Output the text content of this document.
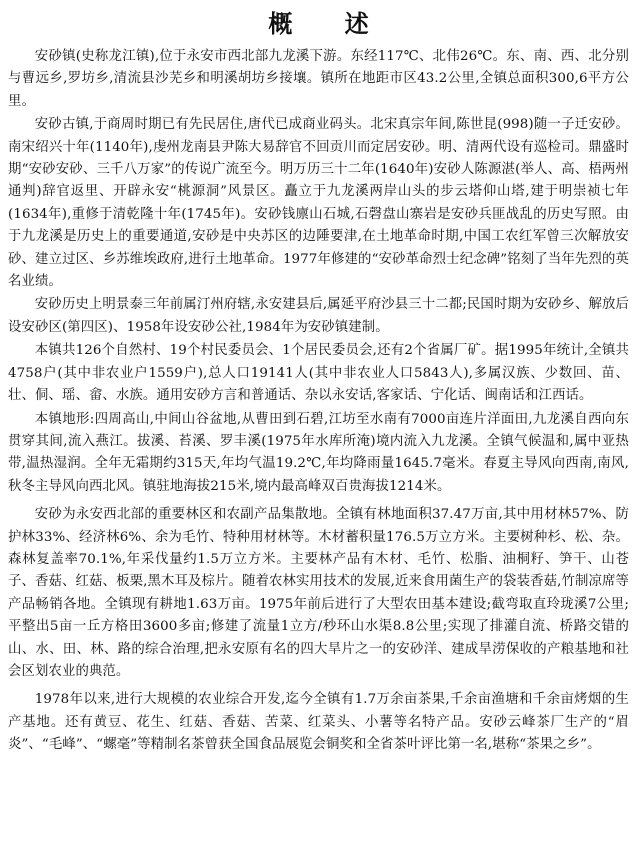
概 述

安砂镇(史称龙江镇),位于永安市西北部九龙溪下游。东经117℃、北伟26℃。东、南、西、北分别与曹远乡,罗坊乡,清流县沙芜乡和明溪胡坊乡接壤。镇所在地距市区43.2公里,全镇总面积300,6平方公里。

安砂古镇,于商周时期已有先民居住,唐代已成商业码头。北宋真宗年间,陈世昆(998)随一子迁安砂。南宋绍兴十年(1140年),虔州龙南县尹陈大易辞官不回贡川而定居安砂。明、清两代设有巡检司。鼎盛时期“安砂安砂、三千八万家”的传说广流至今。明万历三十二年(1640年)安砂人陈源湛(举人、高、梧两州通判)辞官返里、开辟永安“桃源洞”风景区。矗立于九龙溪两岸山头的步云塔仰山塔,建于明崇祯七年(1634年),重修于清乾隆十年(1745年)。安砂钱廪山石城,石磬盘山寨岩是安砂兵匪战乱的历史写照。由于九龙溪是历史上的重要通道,安砂是中央苏区的边陲要津,在土地革命时期,中国工农红军曾三次解放安砂、建立过区、乡苏维埃政府,进行土地革命。1977年修建的“安砂革命烈士纪念碑”铭刻了当年先烈的英名业绩。

安砂历史上明景泰三年前属汀州府辖,永安建县后,属延平府沙县三十二都;民国时期为安砂乡、解放后设安砂区(第四区)、1958年设安砂公社,1984年为安砂镇建制。

本镇共126个自然村、19个村民委员会、1个居民委员会,还有2个省属厂矿。据1995年统计,全镇共4758户(其中非农业户1559户),总人口19141人(其中非农业人口5843人),多属汉族、少数回、苗、壮、侗、瑶、畲、水族。通用安砂方言和普通话、杂以永安话,客家话、宁化话、闽南话和江西话。

本镇地形:四周高山,中间山谷盆地,从曹田到石碧,江坊至水南有7000亩连片洋面田,九龙溪自西向东贯穿其间,流入燕江。拔溪、苔溪、罗丰溪(1975年水库所淹)境内流入九龙溪。全镇气候温和,属中亚热带,温热湿润。全年无霜期约315天,年均气温19.2℃,年均降雨量1645.7毫米。春夏主导风向西南,南风,秋冬主导风向西北风。镇驻地海拔215米,境内最高峰双百贵海拔1214米。

安砂为永安西北部的重要林区和农副产品集散地。全镇有林地面积37.47万亩,其中用材林57%、防护林33%、经济林6%、余为毛竹、特种用材林等。木材蓄积量176.5万立方米。主要树种杉、松、杂。森林复盖率70.1%,年采伐量约1.5万立方米。主要林产品有木材、毛竹、松脂、油桐籽、笋干、山苍子、香菇、红菇、板栗,黑木耳及棕片。随着农林实用技术的发展,近来食用菌生产的袋装香菇,竹制凉席等产品畅销各地。全镇现有耕地1.63万亩。1975年前后进行了大型农田基本建设;截弯取直玲珑溪7公里;平整出5亩一丘方格田3600多亩;修建了流量1立方/秒环山水渠8.8公里;实现了排灌自流、桥路交错的山、水、田、林、路的综合治理,把永安原有名的四大旱片之一的安砂洋、建成旱涝保收的产粮基地和社会区划农业的典范。

1978年以来,进行大规模的农业综合开发,迄今全镇有1.7万余亩茶果,千余亩渔塘和千余亩烤烟的生产基地。还有黄豆、花生、红菇、香菇、苦菜、红菜头、小薯等名特产品。安砂云峰茶厂生产的“眉炎”、“毛峰”、“螺毫”等精制名茶曾获全国食品展览会铜奖和全省茶叶评比第一名,堪称“茶果之乡”。
